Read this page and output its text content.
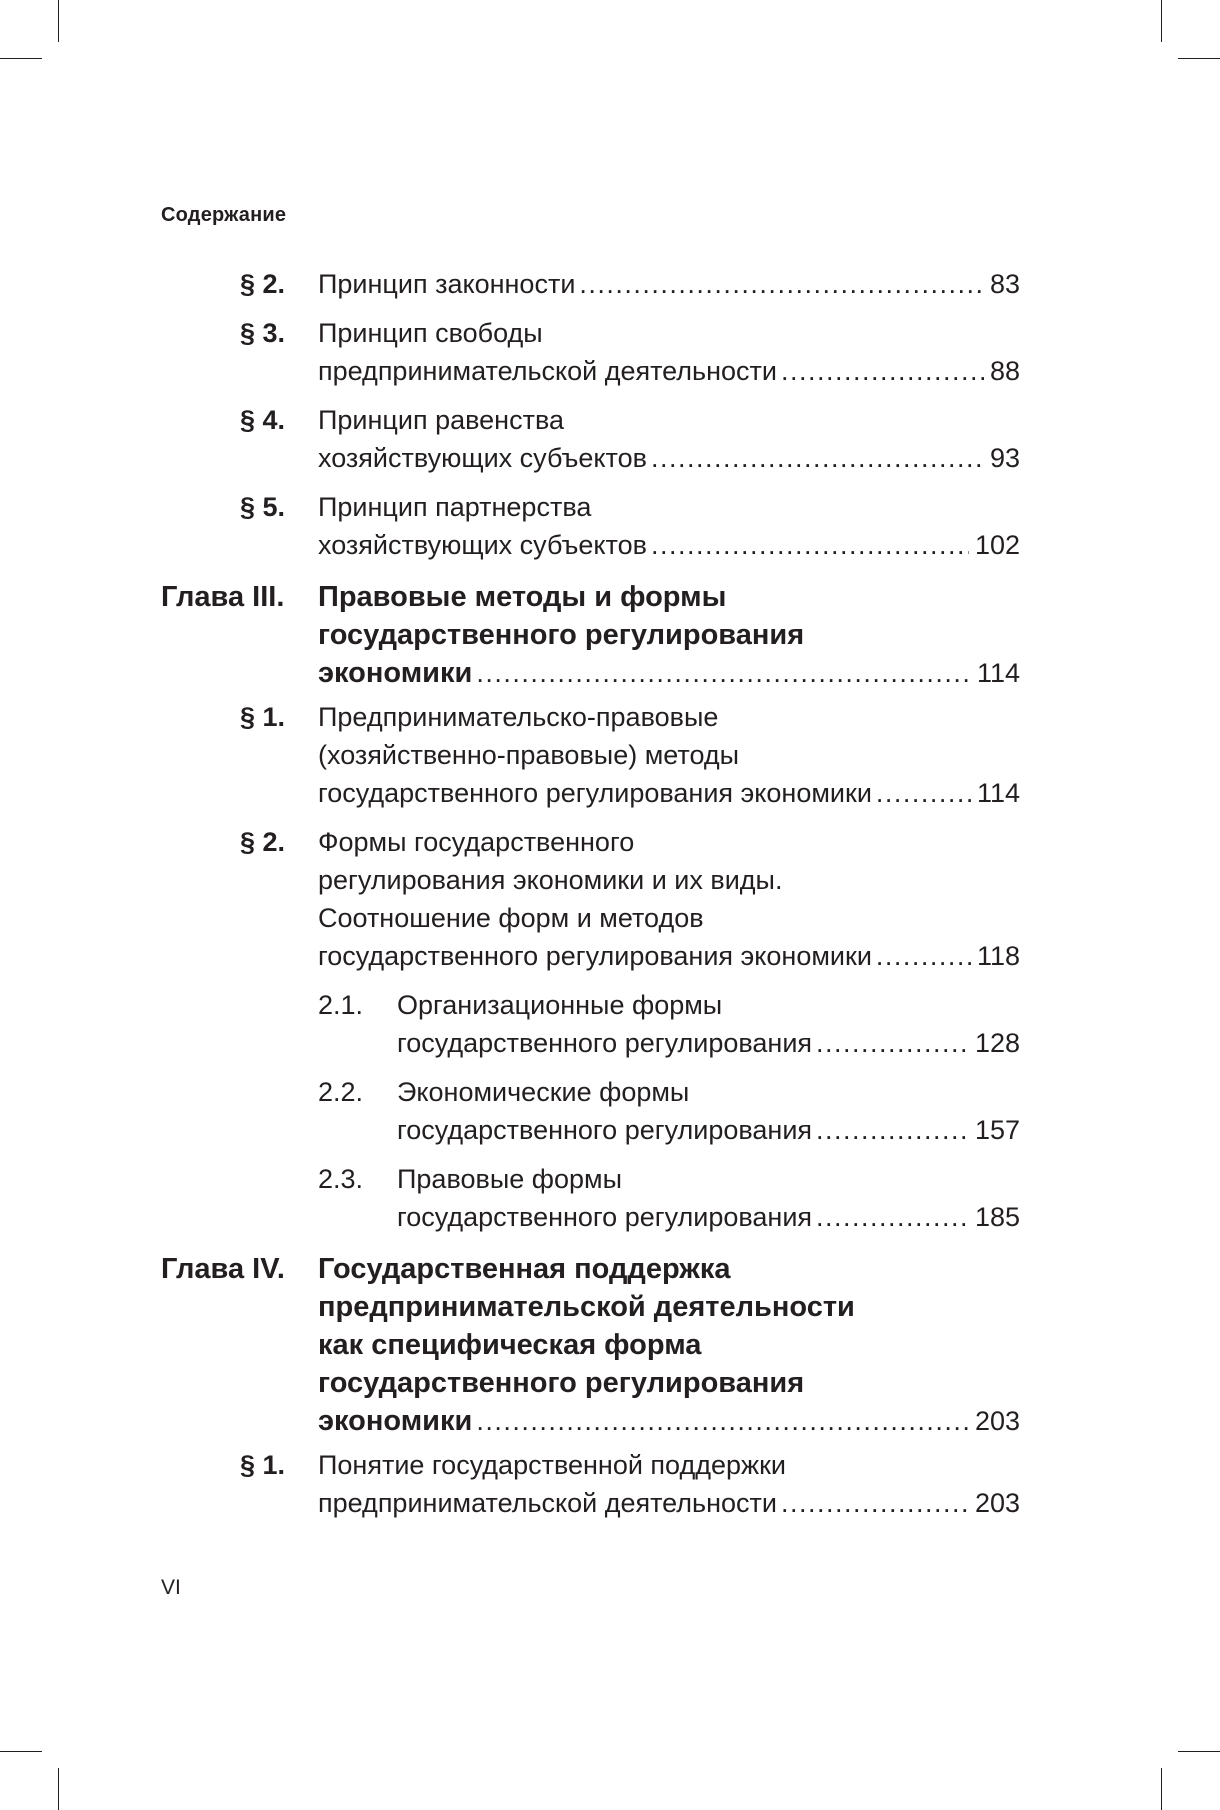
Содержание
§ 2. Принцип законности .....	83
§ 3. Принцип свободы
предпринимательской деятельности .....	88
§ 4. Принцип равенства
хозяйствующих субъектов .....	93
§ 5. Принцип партнерства
хозяйствующих субъектов .....	102
Глава III. Правовые методы и формы
государственного регулирования
экономики .....	114
§ 1. Предпринимательско-правовые
(хозяйственно-правовые) методы
государственного регулирования экономики .....	114
§ 2. Формы государственного
регулирования экономики и их виды.
Соотношение форм и методов
государственного регулирования экономики .....	118
2.1. Организационные формы
государственного регулирования .....	128
2.2. Экономические формы
государственного регулирования .....	157
2.3. Правовые формы
государственного регулирования .....	185
Глава IV. Государственная поддержка
предпринимательской деятельности
как специфическая форма
государственного регулирования
экономики .....	203
§ 1. Понятие государственной поддержки
предпринимательской деятельности .....	203
VI
